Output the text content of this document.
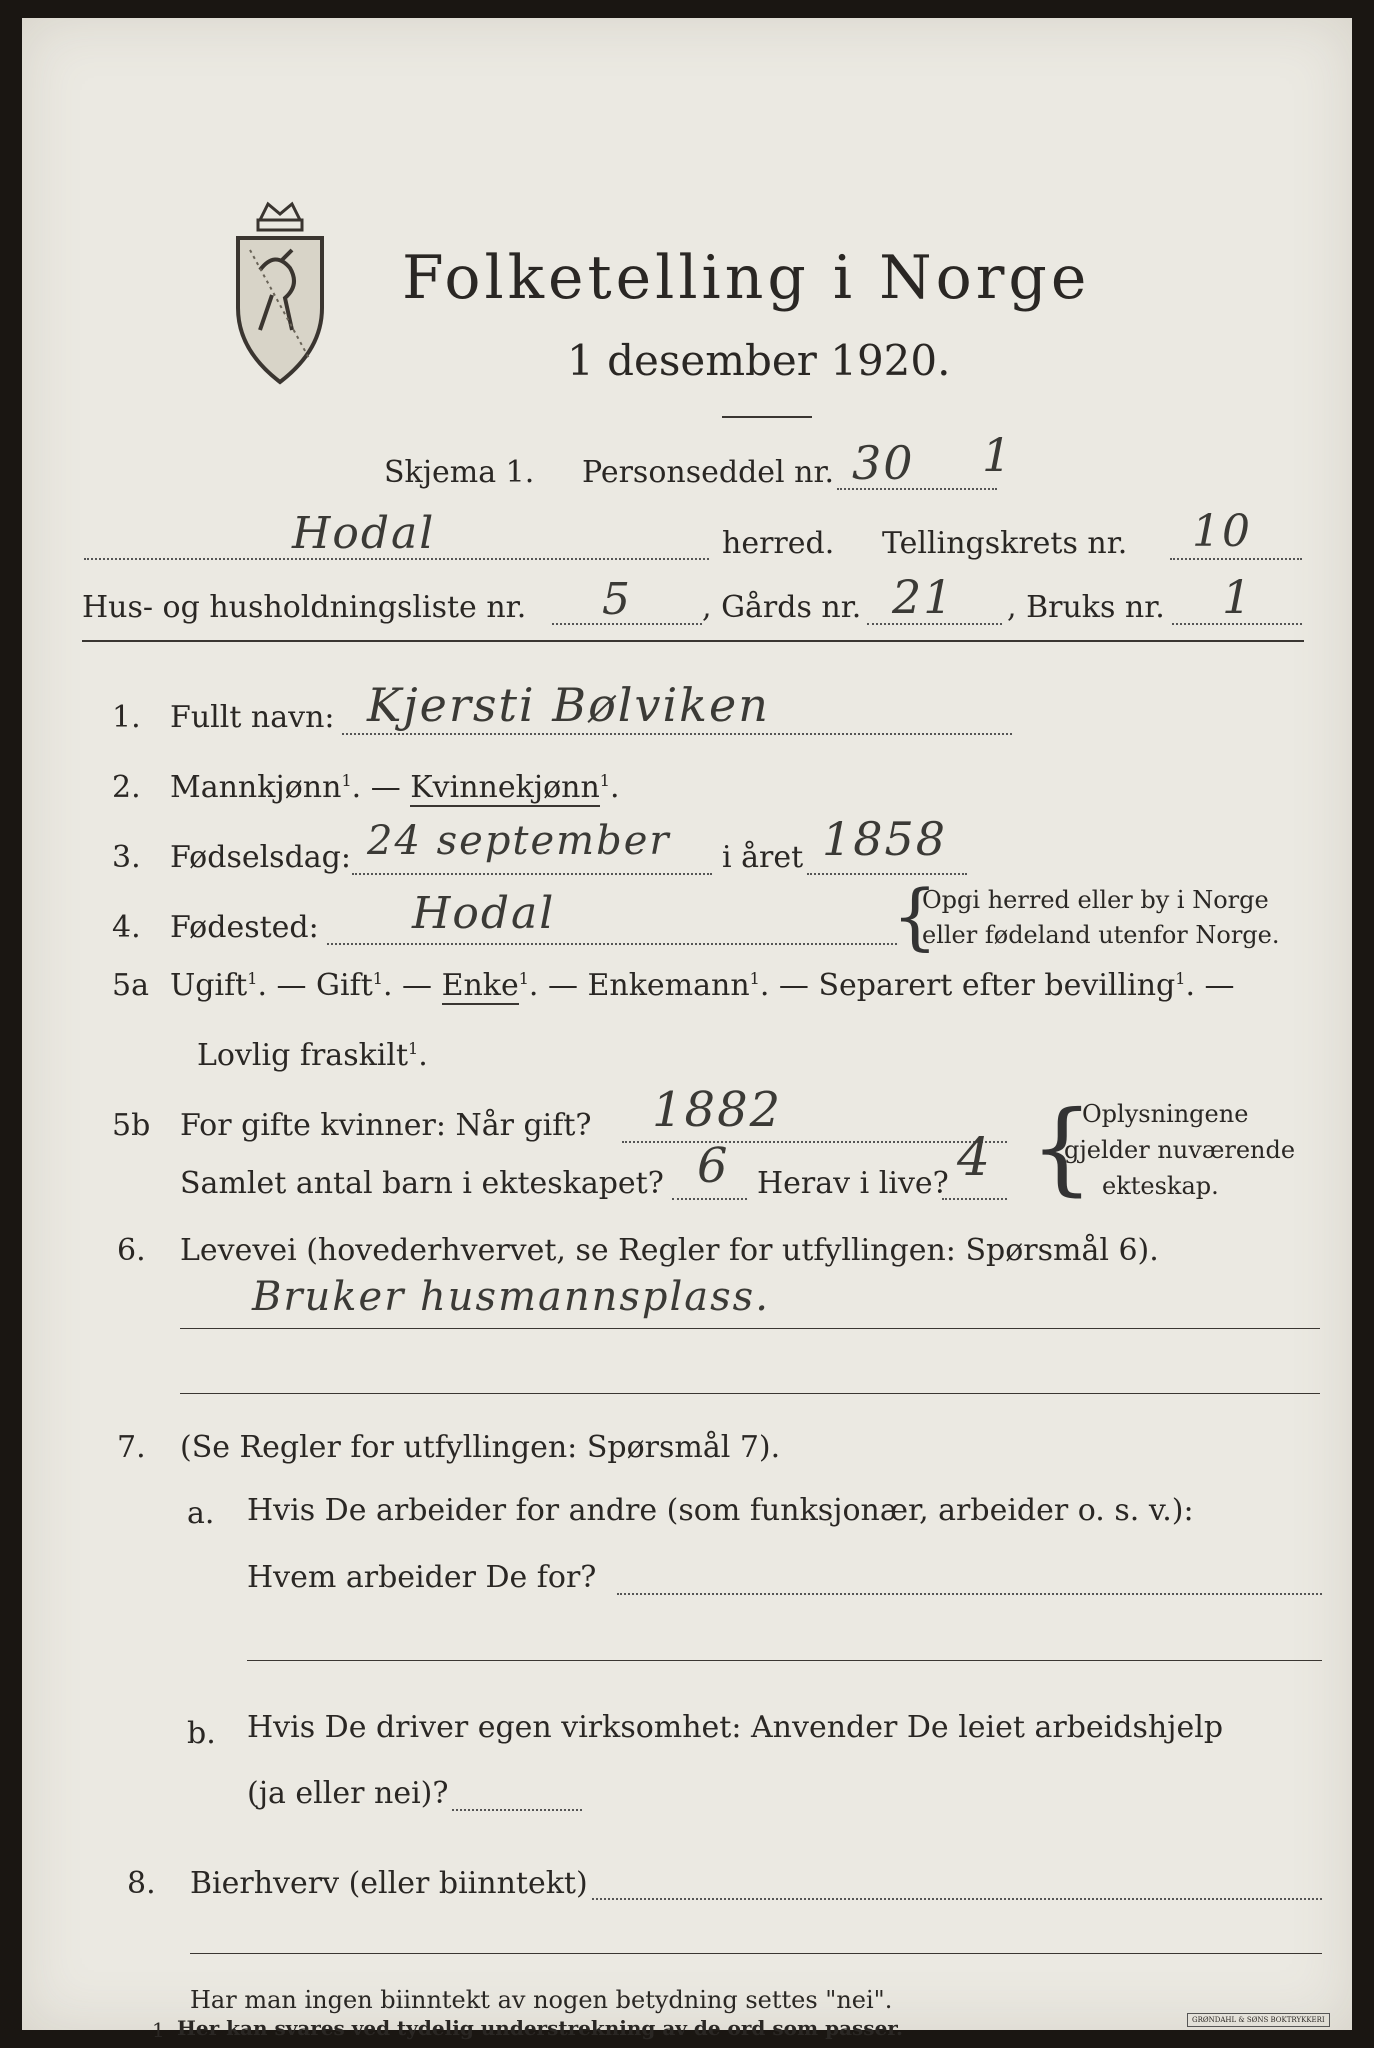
Folketelling i Norge
1 desember 1920.
Skjema 1. Personseddel nr. 30 1
Hodal	herred. Tellingskrets nr. 10
Hus- og husholdningsliste nr. 5 , Gårds nr. 21 , Bruks nr. 1
1. Fullt navn: Kjersti Bølviken
2. Mannkjønn$^1$. — Kvinnekjønn$^1$.
3. Fødselsdag: 24 september i året 1858
4. Fødested: Hodal	{
Opgi herred eller by i Norge
eller fødeland utenfor Norge.
5a Ugift$^1$. — Gift$^1$. — Enke$^1$. — Enkemann$^1$. — Separert efter bevilling$^1$. —
Lovlig fraskilt$^1$.
5b For gifte kvinner: Når gift? 1882
Samlet antal barn i ekteskapet? 6 Herav i live? 4 {
Oplysningene
gjelder nuværende
ekteskap.
6. Levevei (hovederhvervet, se Regler for utfyllingen: Spørsmål 6).
Bruker husmannsplass.
7. (Se Regler for utfyllingen: Spørsmål 7).
a. Hvis De arbeider for andre (som funksjonær, arbeider o. s. v.):
Hvem arbeider De for?
b. Hvis De driver egen virksomhet: Anvender De leiet arbeidshjelp
(ja eller nei)?
8. Bierhverv (eller biinntekt)
Har man ingen biinntekt av nogen betydning settes "nei".
1 Her kan svares ved tydelig understrekning av de ord som passer.	GRØNDAHL & SØNS BOKTRYKKERI
